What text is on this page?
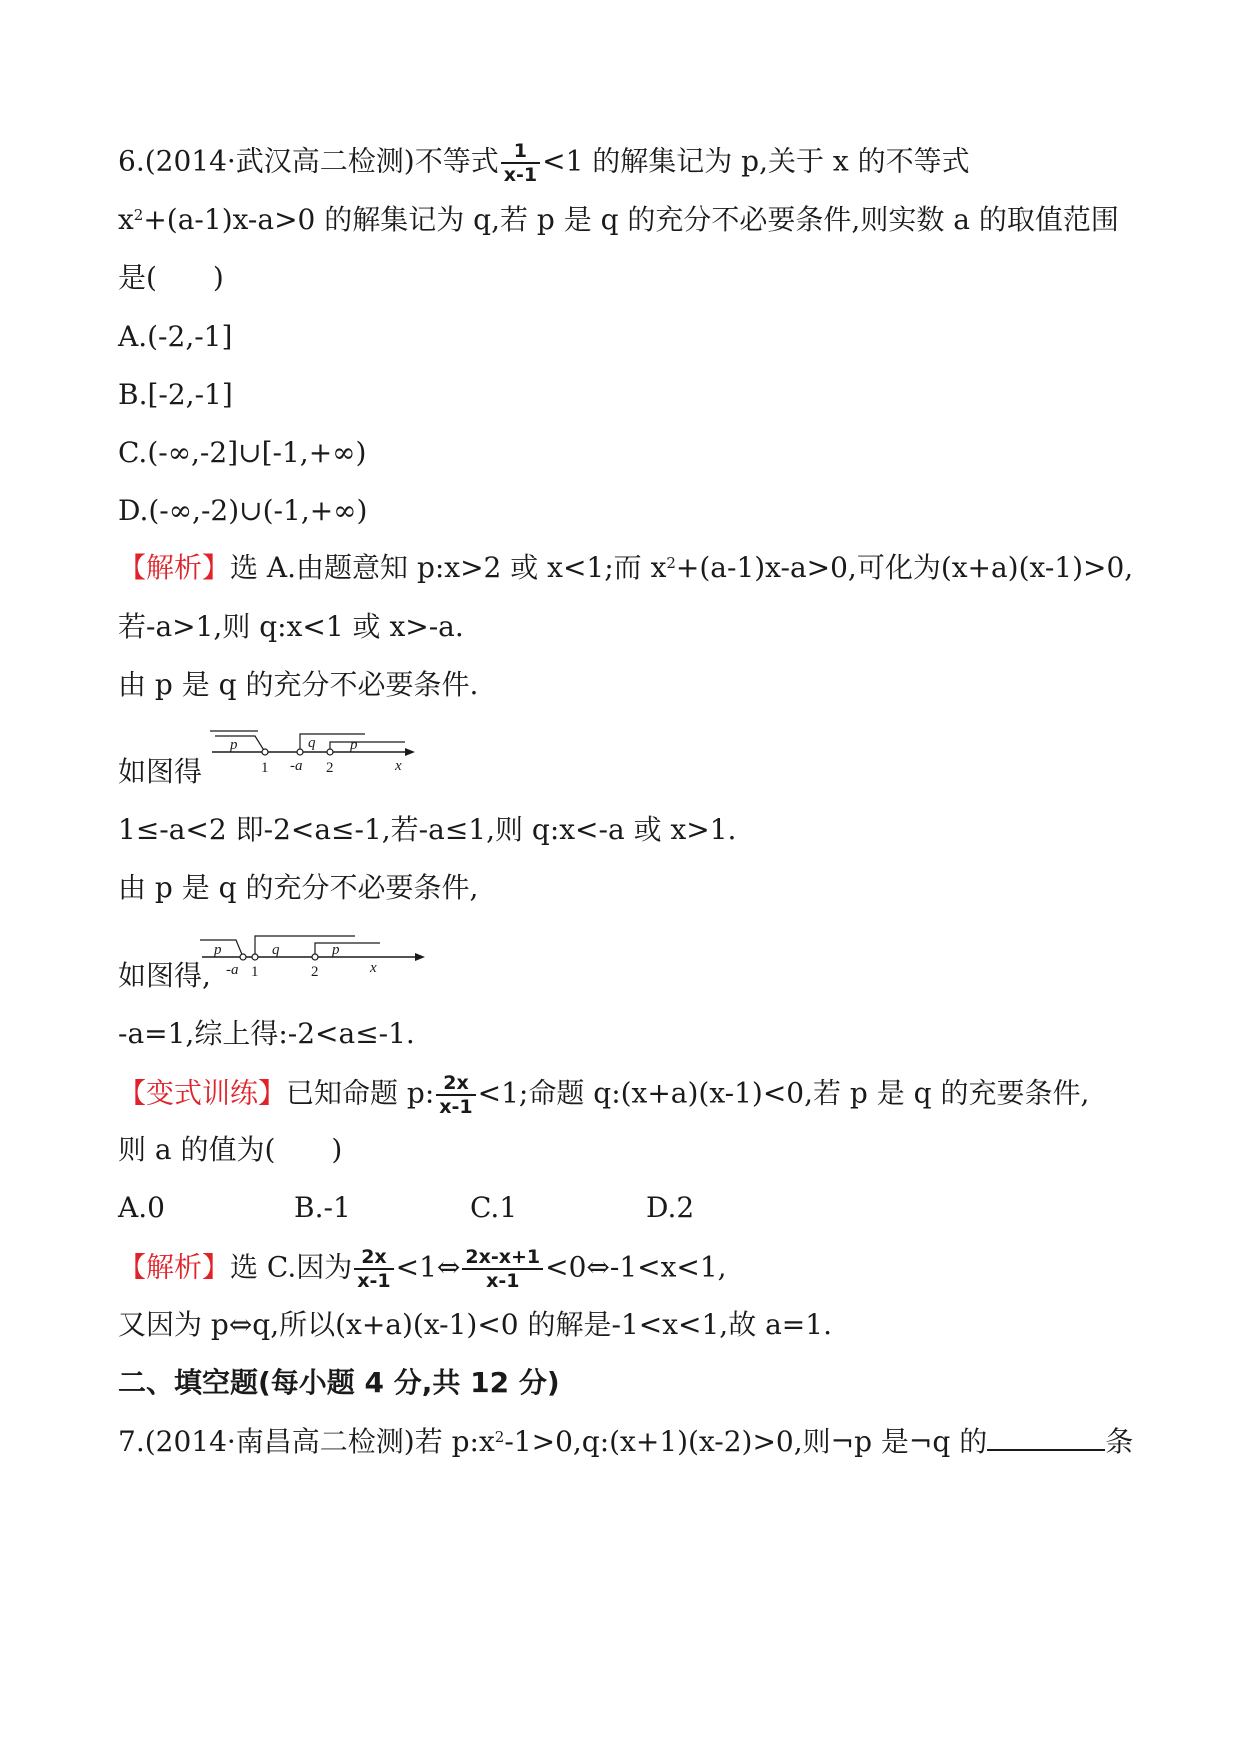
6.(2014·武汉高二检测)不等式 $\frac{1}{x-1} <1$ 的解集记为 p,关于 x 的不等式
$x^2+(a-1)x-a>0$ 的解集记为 q,若 p 是 q 的充分不必要条件,则实数 a 的取值范围
是(　　)
A.(-2,-1]
B.[-2,-1]
C.(-∞,-2]∪[-1,+∞)
D.(-∞,-2)∪(-1,+∞)
【解析】选 A.由题意知 p:x>2 或 x<1;而 $x^2+(a-1)x-a>0$,可化为(x+a)(x-1)>0,
若-a>1,则 q:x<1 或 x>-a.
由 p 是 q 的充分不必要条件.
p	q p
1 -a 2	x
如图得
1≤-a<2 即-2<a≤-1,若-a≤1,则 q:x<-a 或 x>1.
由 p 是 q 的充分不必要条件,
p	q	p
-a 1	2	x
如图得,
-a=1,综上得:-2<a≤-1.
【变式训练】已知命题 p: $\frac{2x}{x-1} <1$;命题 q:(x+a)(x-1)<0,若 p 是 q 的充要条件,
则 a 的值为(　　)
A.0	B.-1	C.1	D.2
【解析】选 C.因为 $\frac{2x}{x-1}$ <1⇔ $\frac{2x-x+1}{x-1}$ <0⇔-1<x<1,
又因为 p⇔q,所以(x+a)(x-1)<0 的解是-1<x<1,故 a=1.
二、填空题(每小题 4 分,共 12 分)
7.(2014·南昌高二检测)若 $p:x^2-1>0,q:(x+1)(x-2)>0$,则¬p 是¬q 的	条
